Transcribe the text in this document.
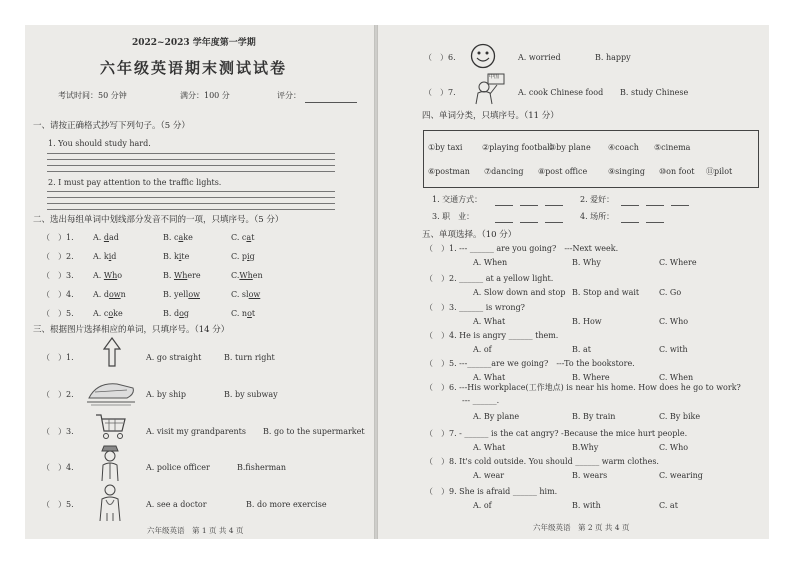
2022~2023 学年度第一学期
六年级英语期末测试试卷
考试时间：50 分钟	满分：100 分	评分：
一、请按正确格式抄写下列句子。（5 分）
1. You should study hard.
2. I must pay attention to the traffic lights.
二、选出每组单词中划线部分发音不同的一项，只填序号。（5 分）
（　）1. A. dad	B. cake	C. cat
（　）2. A. kid	B. kite	C. pig
（　）3. A. Who	B. Where	C.When
（　）4. A. down	B. yellow	C. slow
（　）5. A. coke	B. dog	C. not
三、根据图片选择相应的单词，只填序号。（14 分）
（　）1.	A. go straight	B. turn right
（　）2.	A. by ship	B. by subway
（　）3.	A. visit my grandparents B. go to the supermarket
（　）4.	A. police officer	B.fisherman
（　）5.	A. see a doctor	B. do more exercise
六年级英语　第 1 页 共 4 页
（　）6.	A. worried	B. happy
（　）7.
中国
A. cook Chinese food B. study Chinese
四、单词分类，只填序号。（11 分）
①by taxi ②playing football
③by plane ④coach ⑤cinema
⑥postman ⑦dancing ⑧post office	⑨singing ⑩on foot ⑪pilot
1. 交通方式：	2. 爱好：
3. 职　业：	4. 场所：
五、单项选择。（10 分）
（　）1. --- ______ are you going?　---Next week.
A. When	B. Why	C. Where
（　）2. ______ at a yellow light.
A. Slow down and stop B. Stop and wait C. Go
（　）3. ______ is wrong?
A. What	B. How	C. Who
（　）4. He is angry ______ them.
A. of	B. at	C. with
（　）5. ---______are we going?　---To the bookstore.
A. What	B. Where	C. When
（　）6. ---His workplace(工作地点) is near his home. How does he go to work?
--- ______.
A. By plane	B. By train	C. By bike
（　）7. - ______ is the cat angry? -Because the mice hurt people.
A. What	B.Why	C. Who
（　）8. It's cold outside. You should ______ warm clothes.
A. wear	B. wears	C. wearing
（　）9. She is afraid ______ him.
A. of	B. with	C. at
六年级英语　第 2 页 共 4 页
